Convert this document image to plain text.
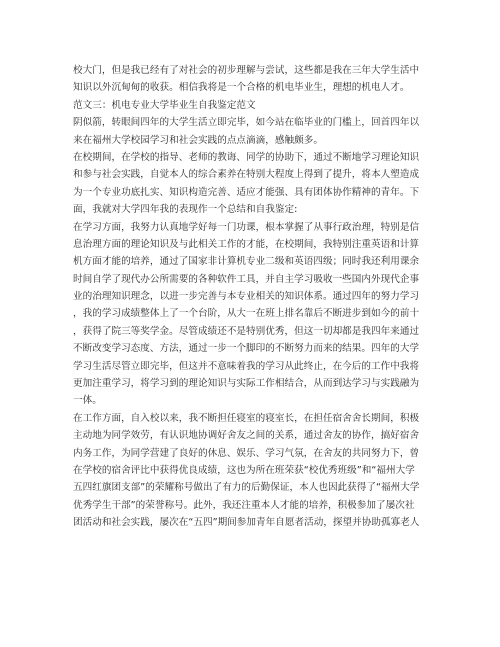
校大门，但是我已经有了对社会的初步理解与尝试，这些都是我在三年大学生活中
知识以外沉甸甸的收获。相信我将是一个合格的机电毕业生，理想的机电人才。
范文三：机电专业大学毕业生自我鉴定范文
阴似箭，转眼间四年的大学生活立即完毕，如今站在临毕业的门槛上，回首四年以
来在福州大学校园学习和社会实践的点点滴滴，感触颇多。
在校期间，在学校的指导、老师的教诲、同学的协助下，通过不断地学习理论知识
和参与社会实践，自觉本人的综合素养在特别大程度上得到了提升，将本人塑造成
为一个专业功底扎实、知识构造完善、适应才能强、具有团体协作精神的青年。下
面，我就对大学四年我的表现作一个总结和自我鉴定:
在学习方面，我努力认真地学好每一门功课，根本掌握了从事行政治理，特别是信
息治理方面的理论知识及与此相关工作的才能，在校期间，我特别注重英语和计算
机方面才能的培养，通过了国家非计算机专业二级和英语四级；同时我还利用课余
时间自学了现代办公所需要的各种软件工具，并自主学习吸收一些国内外现代企事
业的治理知识理念，以进一步完善与本专业相关的知识体系。通过四年的努力学习
，我的学习成绩整体上了一个台阶，从大一在班上排名靠后不断进步到如今的前十
，获得了院三等奖学金。尽管成绩还不是特别优秀，但这一切却都是我四年来通过
不断改变学习态度、方法，通过一步一个脚印的不断努力而来的结果。四年的大学
学习生活尽管立即完毕，但这并不意味着我的学习从此终止，在今后的工作中我将
更加注重学习，将学习到的理论知识与实际工作相结合，从而到达学习与实践融为
一体。
在工作方面，自入校以来，我不断担任寝室的寝室长，在担任宿舍舍长期间，积极
主动地为同学效劳，有认识地协调好舍友之间的关系，通过舍友的协作，搞好宿舍
内务工作，为同学营建了良好的休息、娱乐、学习气氛，在舍友的共同努力下，曾
在学校的宿舍评比中获得优良成绩，这也为所在班荣获“校优秀班级”和“福州大学
五四红旗团支部”的荣耀称号做出了有力的后勤保证，本人也因此获得了“福州大学
优秀学生干部”的荣誉称号。此外，我还注重本人才能的培养，积极参加了屡次社
团活动和社会实践，屡次在“五四”期间参加青年自愿者活动，探望并协助孤寡老人
